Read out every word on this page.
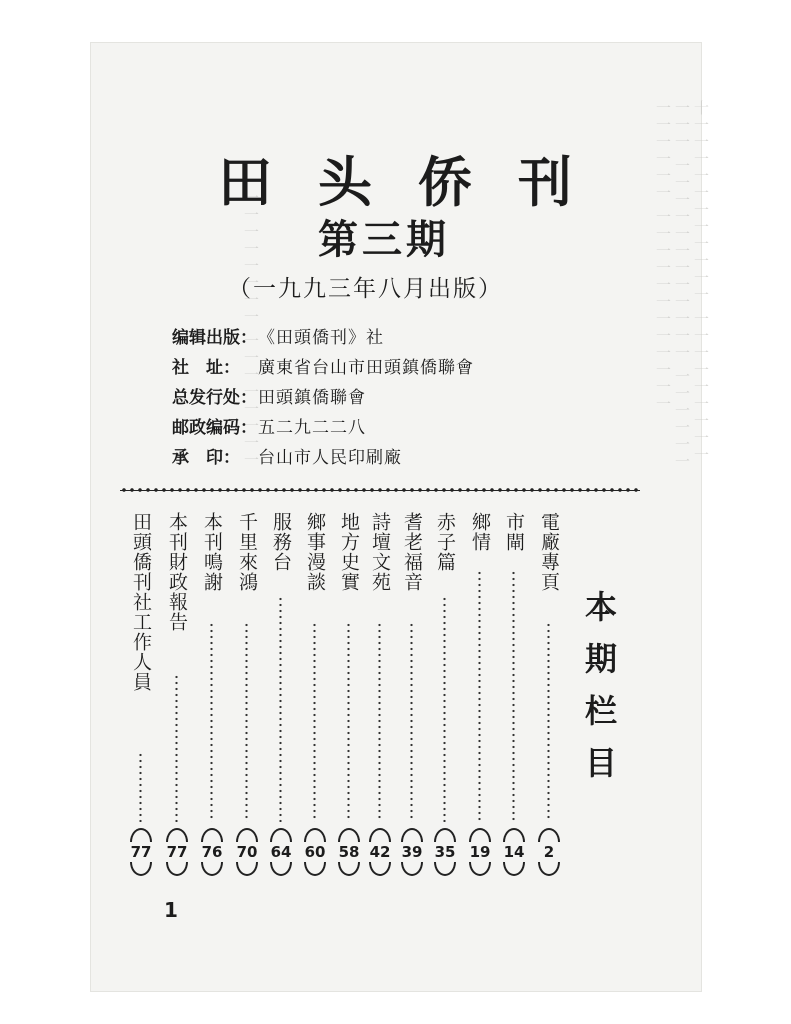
十一一一一一一一一一一一 一一一一一一一一一一一一 一一一一一一一一一一一一 一一一一一一一一一一一一 一一一一一一一一一一一一
一一一一一一一一 一一一一一一一一
田头侨刊
第三期
（一九九三年八月出版）
编辑出版： 《田頭僑刊》社
社　址：	廣東省台山市田頭鎮僑聯會
总发行处： 田頭鎮僑聯會
邮政编码： 五二九二二八
承　印：	台山市人民印刷廠
本期栏目
電廠專頁
2
市閘
14
鄉情
19
赤子篇
35
耆老福音
39
詩壇文苑
42
地方史實
58
鄉事漫談
60
服務台
64
千里來鴻
70
本刊鳴謝
76
本刊財政報告
77
田頭僑刊社工作人員
77
1
